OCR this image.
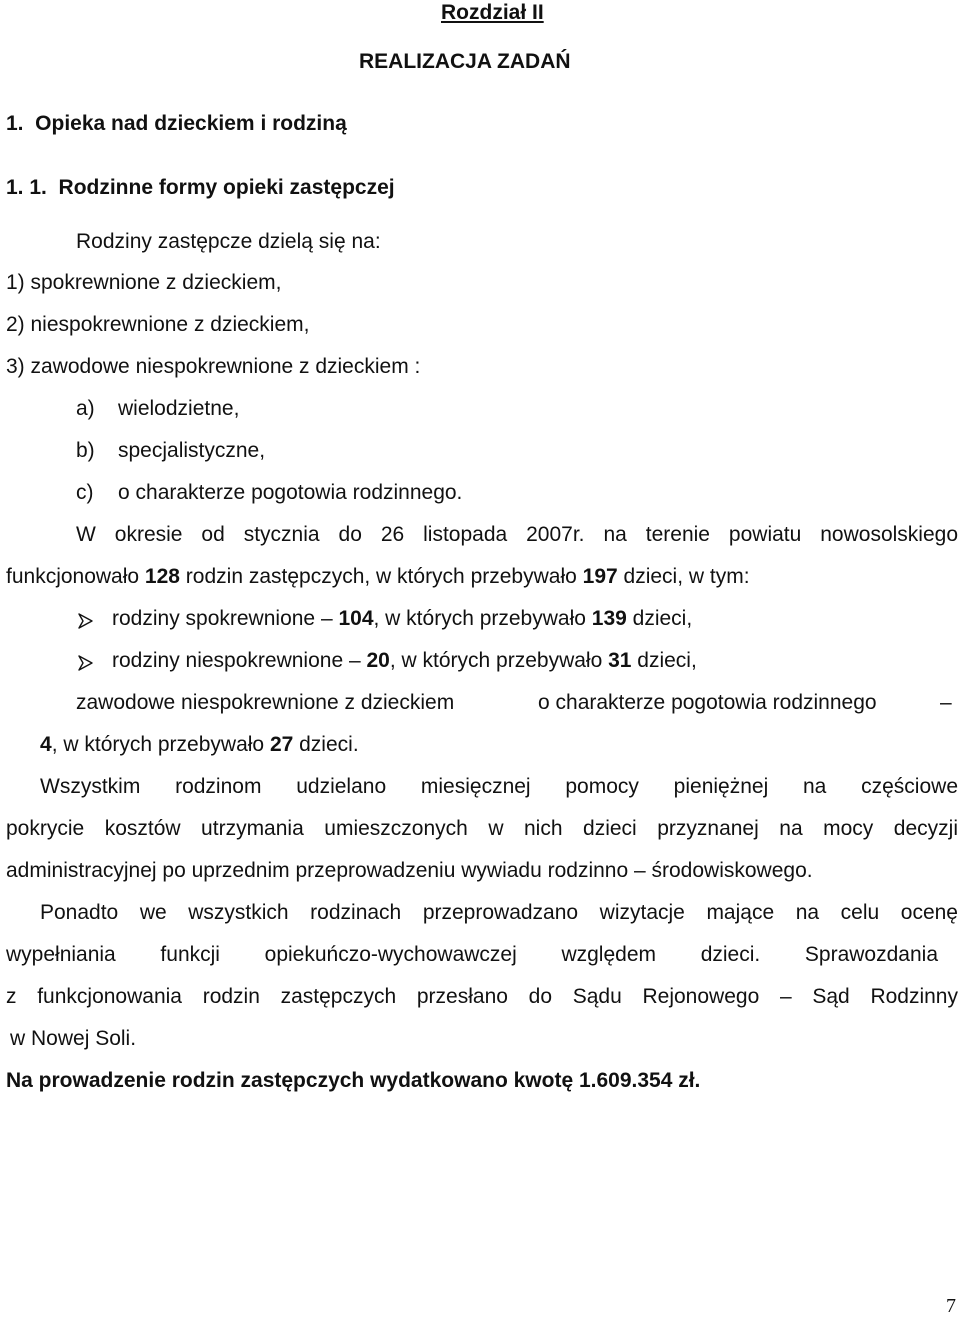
Rozdział II
REALIZACJA ZADAŃ
1.  Opieka nad dzieckiem i rodziną
1. 1.  Rodzinne formy opieki zastępczej
Rodziny zastępcze dzielą się na:
1) spokrewnione z dzieckiem,
2) niespokrewnione z dzieckiem,
3) zawodowe niespokrewnione z dzieckiem :
a) wielodzietne,
b) specjalistyczne,
c) o charakterze pogotowia rodzinnego.
W okresie od stycznia do 26 listopada 2007r. na terenie powiatu nowosolskiego
funkcjonowało 128 rodzin zastępczych, w których przebywało 197 dzieci, w tym:
rodziny spokrewnione – 104, w których przebywało 139 dzieci,
rodziny niespokrewnione – 20, w których przebywało 31 dzieci,
zawodowe niespokrewnione z dzieckiem	o charakterze pogotowia rodzinnego	–
4, w których przebywało 27 dzieci.
Wszystkim rodzinom udzielano miesięcznej pomocy pieniężnej na częściowe
pokrycie kosztów utrzymania umieszczonych w nich dzieci przyznanej na mocy decyzji
administracyjnej po uprzednim przeprowadzeniu wywiadu rodzinno – środowiskowego.
Ponadto we wszystkich rodzinach przeprowadzano wizytacje mające na celu ocenę
wypełniania funkcji opiekuńczo-wychowawczej względem dzieci. Sprawozdania
z funkcjonowania rodzin zastępczych przesłano do Sądu Rejonowego – Sąd Rodzinny
w Nowej Soli.
Na prowadzenie rodzin zastępczych wydatkowano kwotę 1.609.354 zł.
7
